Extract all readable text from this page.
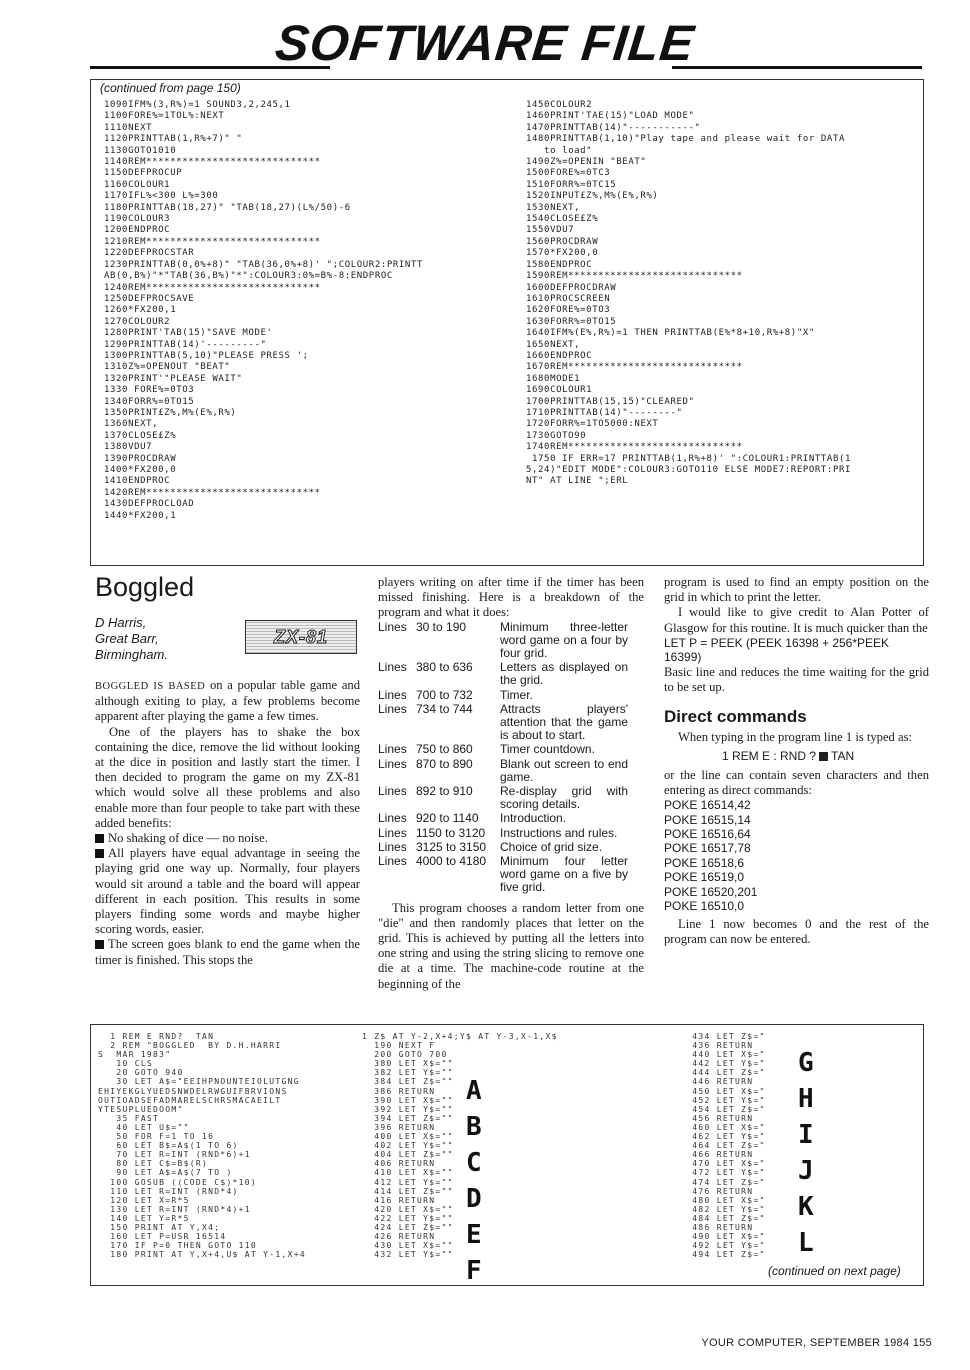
SOFTWARE FILE
(continued from page 150)
1090IFM%(3,R%)=1 SOUND3,2,245,1
1100FORE%=1TOL%:NEXT
1110NEXT
1120PRINTTAB(1,R%+7)" "
1130GOTO1010
1140REM*****************************
1150DEFPROCUP
1160COLOUR1
1170IFL%<300 L%=300
1180PRINTTAB(18,27)" "TAB(18,27)(L%/50)-6
1190COLOUR3
1200ENDPROC
1210REM*****************************
1220DEFPROCSTAR
1230PRINTTAB(0,0%+8)" "TAB(36,0%+8)' ";COLOUR2:PRINTT
AB(0,B%)"*"TAB(36,B%)"*":COLOUR3:0%=B%-8:ENDPROC
1240REM*****************************
1250DEFPROCSAVE
1260*FX200,1
1270COLOUR2
1280PRINT'TAB(15)"SAVE MODE'
1290PRINTTAB(14)'---------"
1300PRINTTAB(5,10)"PLEASE PRESS ';
1310Z%=OPENOUT "BEAT"
1320PRINT'"PLEASE WAIT"
1330 FORE%=0TO3
1340FORR%=0TO15
1350PRINT£Z%,M%(E%,R%)
1360NEXT,
1370CLOSE£Z%
1380VDU7
1390PROCDRAW
1400*FX200,0
1410ENDPROC
1420REM*****************************
1430DEFPROCLOAD
1440*FX200,1
1450COLOUR2
1460PRINT'TAE(15)"LOAD MODE"
1470PRINTTAB(14)"-----------"
1480PRINTTAB(1,10)"Play tape and please wait for DATA
to load"
1490Z%=OPENIN "BEAT"
1500FORE%=0TC3
1510FORR%=0TC15
1520INPUT£Z%,M%(E%,R%)
1530NEXT,
1540CLOSE£Z%
1550VDU7
1560PROCDRAW
1570*FX200,0
1580ENDPROC
1590REM*****************************
1600DEFPROCDRAW
1610PROCSCREEN
1620FORE%=0TO3
1630FORR%=0TO15
1640IFM%(E%,R%)=1 THEN PRINTTAB(E%*8+10,R%+8)"X"
1650NEXT,
1660ENDPROC
1670REM*****************************
1680MODE1
1690COLOUR1
1700PRINTTAB(15,15)"CLEARED"
1710PRINTTAB(14)"--------"
1720FORR%=1TO5000:NEXT
1730GOTO90
1740REM*****************************
1750 IF ERR=17 PRINTTAB(1,R%+8)' ":COLOUR1:PRINTTAB(1
5,24)"EDIT MODE":COLOUR3:GOTO110 ELSE MODE7:REPORT:PRI
NT" AT LINE ";ERL
Boggled
D Harris,
Great Barr,
Birmingham.
ZX-81

BOGGLED IS BASED on a popular table game and although exiting to play, a few problems become apparent after playing the game a few times.

One of the players has to shake the box containing the dice, remove the lid without looking at the dice in position and lastly start the timer. I then decided to program the game on my ZX-81 which would solve all these problems and also enable more than four people to take part with these added benefits:

No shaking of dice — no noise.

All players have equal advantage in seeing the playing grid one way up. Normally, four players would sit around a table and the board will appear different in each position. This results in some players finding some words and maybe higher scoring words, easier.

The screen goes blank to end the game when the timer is finished. This stops the

players writing on after time if the timer has been missed finishing. Here is a breakdown of the program and what it does:

Lines 30 to 190	Minimum three-letter word game on a four by four grid.
Lines 380 to 636	Letters as displayed on the grid.
Lines 700 to 732	Timer.
Lines 734 to 744	Attracts players' attention that the game is about to start.
Lines 750 to 860	Timer countdown.
Lines 870 to 890	Blank out screen to end game.
Lines 892 to 910	Re-display grid with scoring details.
Lines 920 to 1140	Introduction.
Lines 1150 to 3120	Instructions and rules.
Lines 3125 to 3150	Choice of grid size.
Lines 4000 to 4180	Minimum four letter word game on a five by five grid.

This program chooses a random letter from one "die" and then randomly places that letter on the grid. This is achieved by putting all the letters into one string and using the string slicing to remove one die at a time. The machine-code routine at the beginning of the

program is used to find an empty position on the grid in which to print the letter.

I would like to give credit to Alan Potter of Glasgow for this routine. It is much quicker than the

LET P = PEEK (PEEK 16398 + 256*PEEK 16399)

Basic line and reduces the time waiting for the grid to be set up.

Direct commands

When typing in the program line 1 is typed as:

1 REM E : RND ? TAN

or the line can contain seven characters and then entering as direct commands:

POKE 16514,42
POKE 16515,14
POKE 16516,64
POKE 16517,78
POKE 16518,6
POKE 16519,0
POKE 16520,201
POKE 16510,0

Line 1 now becomes 0 and the rest of the program can now be entered.

1 REM E RND?  TAN
2 REM "BOGGLED  BY D.H.HARRI
S  MAR 1983"
10 CLS
20 GOTO 940
30 LET A$="EEIHPNOUNTEIOLUTGNG
EHIYEKGLYUEDSNWDELRWGUIFBRVIONS
OUTIOADSEFADMARELSCHRSMACAEILT
YTESUPLUEDOOM"
35 FAST
40 LET U$=""
50 FOR F=1 TO 16
60 LET B$=A$(1 TO 6)
70 LET R=INT (RND*6)+1
80 LET C$=B$(R)
90 LET A$=A$(7 TO )
100 GOSUB ((CODE C$)*10)
110 LET R=INT (RND*4)
120 LET X=R*5
130 LET R=INT (RND*4)+1
140 LET Y=R*5
150 PRINT AT Y,X4;
160 LET P=USR 16514
170 IF P=0 THEN GOTO 110
180 PRINT AT Y,X+4,U$ AT Y-1,X+4
1 Z$ AT Y-2,X+4;Y$ AT Y-3,X-1,X$
190 NEXT F
200 GOTO 700
380 LET X$=""
382 LET Y$=""
384 LET Z$=""
386 RETURN
390 LET X$=""
392 LET Y$=""
394 LET Z$=""
396 RETURN
400 LET X$=""
402 LET Y$=""
404 LET Z$=""
406 RETURN
410 LET X$=""
412 LET Y$=""
414 LET Z$=""
416 RETURN
420 LET X$=""
422 LET Y$=""
424 LET Z$=""
426 RETURN
430 LET X$=""
432 LET Y$=""
434 LET Z$="
436 RETURN
440 LET X$="
442 LET Y$="
444 LET Z$="
446 RETURN
450 LET X$="
452 LET Y$="
454 LET Z$="
456 RETURN
460 LET X$="
462 LET Y$="
464 LET Z$="
466 RETURN
470 LET X$="
472 LET Y$="
474 LET Z$="
476 RETURN
480 LET X$="
482 LET Y$="
484 LET Z$="
486 RETURN
490 LET X$="
492 LET Y$="
494 LET Z$="
A
B
C
D
E
F
G
H
I
J
K
L
(continued on next page)
YOUR COMPUTER, SEPTEMBER 1984 155
